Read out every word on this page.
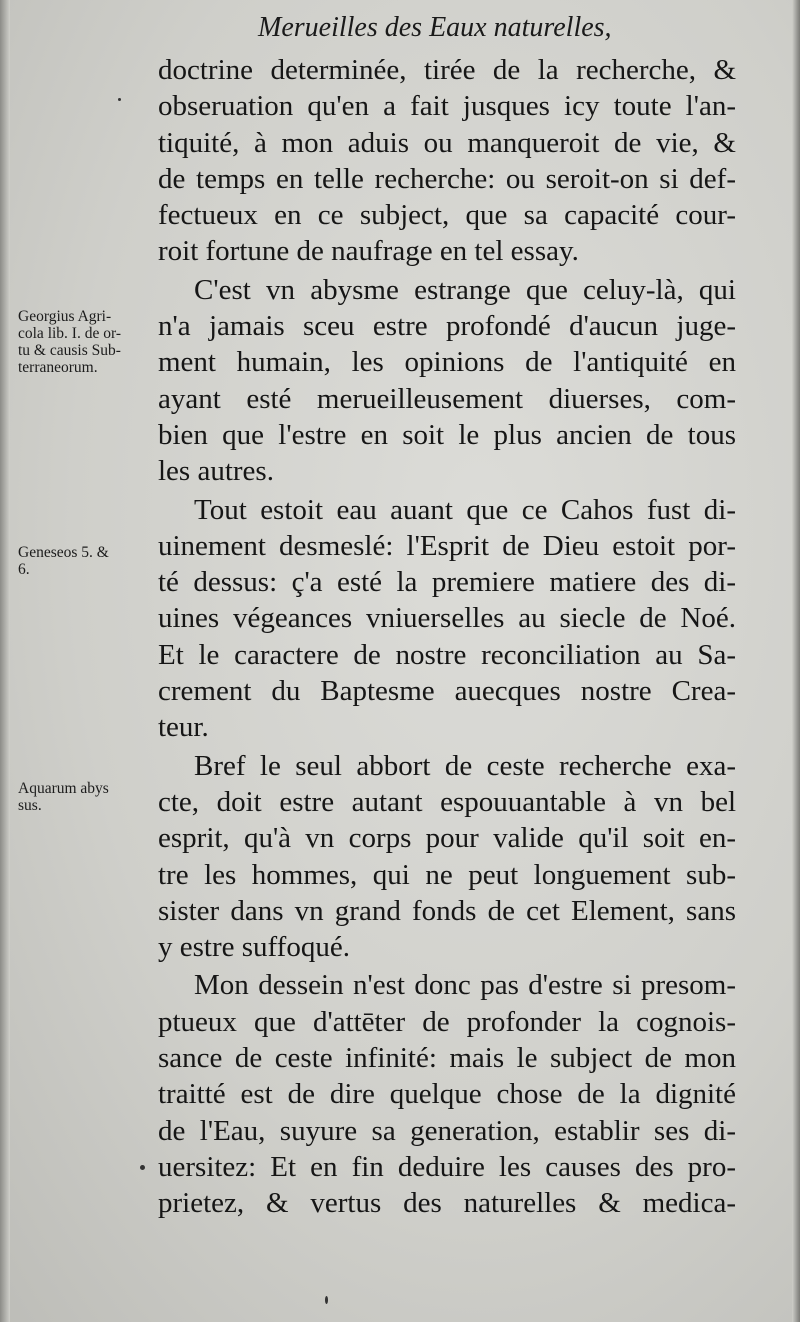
Merueilles des Eaux naturelles,
doctrine determinée, tirée de la recherche, &
obseruation qu'en a fait jusques icy toute l'an-
tiquité, à mon aduis ou manqueroit de vie, &
de temps en telle recherche: ou seroit-on si def-
fectueux en ce subject, que sa capacité cour-
roit fortune de naufrage en tel essay.
C'est vn abysme estrange que celuy-là, qui
n'a jamais sceu estre profondé d'aucun juge-
ment humain, les opinions de l'antiquité en
ayant esté merueilleusement diuerses, com-
bien que l'estre en soit le plus ancien de tous
les autres.
Tout estoit eau auant que ce Cahos fust di-
uinement desmeslé: l'Esprit de Dieu estoit por-
té dessus: ç'a esté la premiere matiere des di-
uines végeances vniuerselles au siecle de Noé.
Et le caractere de nostre reconciliation au Sa-
crement du Baptesme auecques nostre Crea-
teur.
Bref le seul abbort de ceste recherche exa-
cte, doit estre autant espouuantable à vn bel
esprit, qu'à vn corps pour valide qu'il soit en-
tre les hommes, qui ne peut longuement sub-
sister dans vn grand fonds de cet Element, sans
y estre suffoqué.
Mon dessein n'est donc pas d'estre si presom-
ptueux que d'attēter de profonder la cognois-
sance de ceste infinité: mais le subject de mon
traitté est de dire quelque chose de la dignité
de l'Eau, suyure sa generation, establir ses di-
uersitez: Et en fin deduire les causes des pro-
prietez, & vertus des naturelles & medica-
Georgius Agri-
cola lib. I. de or-
tu & causis Sub-
terraneorum.
Geneseos 5. &
6.
Aquarum abys
sus.
